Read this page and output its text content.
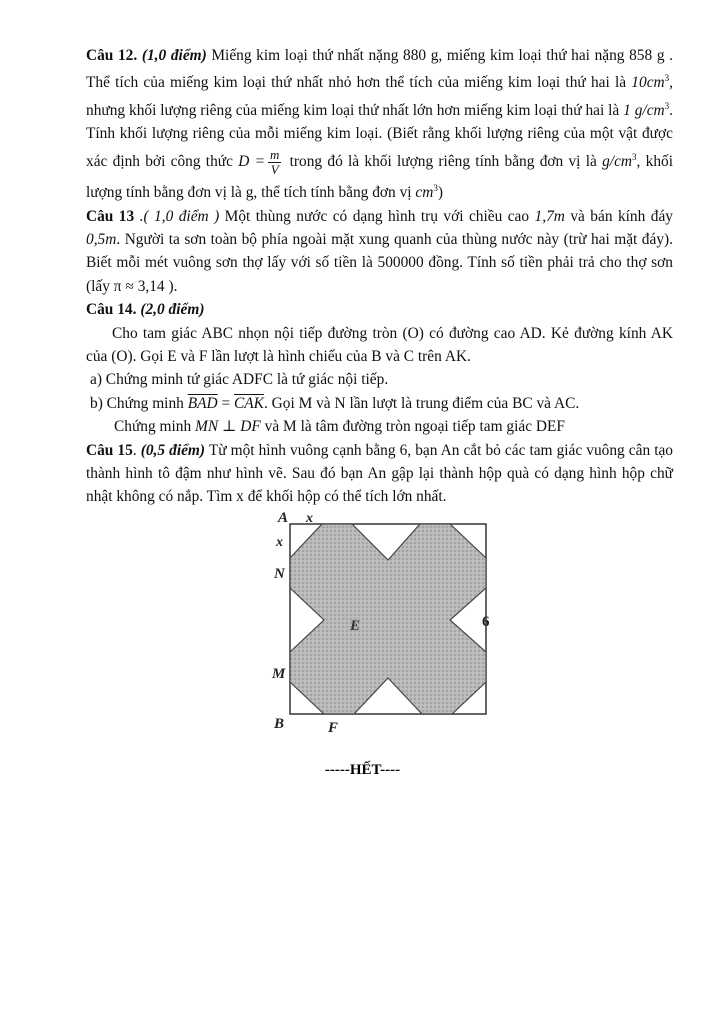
Câu 12. (1,0 điểm) Miếng kim loại thứ nhất nặng 880 g, miếng kim loại thứ hai nặng 858 g . Thể tích của miếng kim loại thứ nhất nhỏ hơn thể tích của miếng kim loại thứ hai là $10cm^3$, nhưng khối lượng riêng của miếng kim loại thứ nhất lớn hơn miếng kim loại thứ hai là 1 $g/cm^3$. Tính khối lượng riêng của mỗi miếng kim loại. (Biết rằng khối lượng riêng của một vật được xác định bởi công thức $D = \frac{m}{V}$ trong đó là khối lượng riêng tính bằng đơn vị là $g/cm^3$, khối lượng tính bằng đơn vị là g, thể tích tính bằng đơn vị $cm^3$)

Câu 13 .( 1,0 điểm ) Một thùng nước có dạng hình trụ với chiều cao 1,7m và bán kính đáy 0,5m. Người ta sơn toàn bộ phía ngoài mặt xung quanh của thùng nước này (trừ hai mặt đáy). Biết mỗi mét vuông sơn thợ lấy với số tiền là 500000 đồng. Tính số tiền phải trả cho thợ sơn (lấy π ≈ 3,14 ).

Câu 14. (2,0 điểm)

Cho tam giác ABC nhọn nội tiếp đường tròn (O) có đường cao AD. Kẻ đường kính AK của (O). Gọi E và F lần lượt là hình chiếu của B và C trên AK.

a) Chứng minh tứ giác ADFC là tứ giác nội tiếp.

b) Chứng minh $\overline{BAD} = \overline{CAK}$. Gọi M và N lần lượt là trung điểm của BC và AC.

Chứng minh MN ⊥ DF và M là tâm đường tròn ngoại tiếp tam giác DEF

Câu 15. (0,5 điểm) Từ một hình vuông cạnh bằng 6, bạn An cắt bỏ các tam giác vuông cân tạo thành hình tô đậm như hình vẽ. Sau đó bạn An gập lại thành hộp quà có dạng hình hộp chữ nhật không có nắp. Tìm x để khối hộp có thể tích lớn nhất.

A x
x
N
E	6
M
B	F
-----HẾT----
